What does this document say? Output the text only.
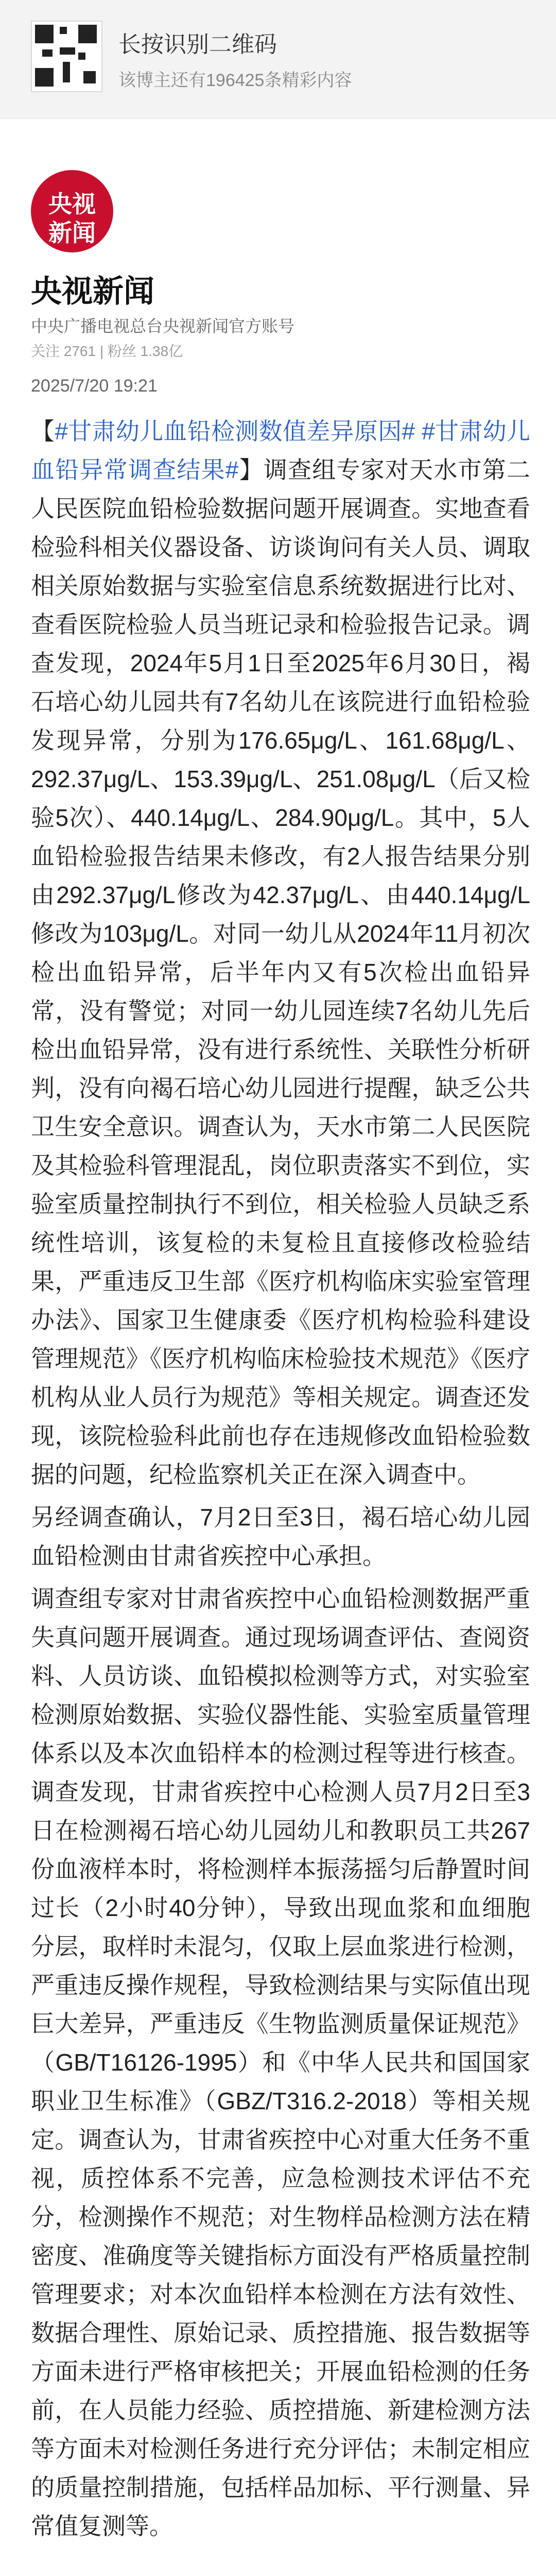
长按识别二维码
该博主还有196425条精彩内容
央视
新闻
央视新闻
中央广播电视总台央视新闻官方账号
关注 2761 | 粉丝 1.38亿
2025/7/20 19:21

【#甘肃幼儿血铅检测数值差异原因# #甘肃幼儿血铅异常调查结果#】调查组专家对天水市第二人民医院血铅检验数据问题开展调查。实地查看检验科相关仪器设备、访谈询问有关人员、调取相关原始数据与实验室信息系统数据进行比对、查看医院检验人员当班记录和检验报告记录。调查发现，2024年5月1日至2025年6月30日，褐石培心幼儿园共有7名幼儿在该院进行血铅检验发现异常，分别为176.65μg/L、161.68μg/L、292.37μg/L、153.39μg/L、251.08μg/L（后又检验5次）、440.14μg/L、284.90μg/L。其中，5人血铅检验报告结果未修改，有2人报告结果分别由292.37μg/L修改为42.37μg/L、由440.14μg/L修改为103μg/L。对同一幼儿从2024年11月初次检出血铅异常，后半年内又有5次检出血铅异常，没有警觉；对同一幼儿园连续7名幼儿先后检出血铅异常，没有进行系统性、关联性分析研判，没有向褐石培心幼儿园进行提醒，缺乏公共卫生安全意识。调查认为，天水市第二人民医院及其检验科管理混乱，岗位职责落实不到位，实验室质量控制执行不到位，相关检验人员缺乏系统性培训，该复检的未复检且直接修改检验结果，严重违反卫生部《医疗机构临床实验室管理办法》、国家卫生健康委《医疗机构检验科建设管理规范》《医疗机构临床检验技术规范》《医疗机构从业人员行为规范》等相关规定。调查还发现，该院检验科此前也存在违规修改血铅检验数据的问题，纪检监察机关正在深入调查中。

另经调查确认，7月2日至3日，褐石培心幼儿园血铅检测由甘肃省疾控中心承担。

调查组专家对甘肃省疾控中心血铅检测数据严重失真问题开展调查。通过现场调查评估、查阅资料、人员访谈、血铅模拟检测等方式，对实验室检测原始数据、实验仪器性能、实验室质量管理体系以及本次血铅样本的检测过程等进行核查。调查发现，甘肃省疾控中心检测人员7月2日至3日在检测褐石培心幼儿园幼儿和教职员工共267份血液样本时，将检测样本振荡摇匀后静置时间过长（2小时40分钟），导致出现血浆和血细胞分层，取样时未混匀，仅取上层血浆进行检测，严重违反操作规程，导致检测结果与实际值出现巨大差异，严重违反《生物监测质量保证规范》（GB/T16126-1995）和《中华人民共和国国家职业卫生标准》（GBZ/T316.2-2018）等相关规定。调查认为，甘肃省疾控中心对重大任务不重视，质控体系不完善，应急检测技术评估不充分，检测操作不规范；对生物样品检测方法在精密度、准确度等关键指标方面没有严格质量控制管理要求；对本次血铅样本检测在方法有效性、数据合理性、原始记录、质控措施、报告数据等方面未进行严格审核把关；开展血铅检测的任务前，在人员能力经验、质控措施、新建检测方法等方面未对检测任务进行充分评估；未制定相应的质量控制措施，包括样品加标、平行测量、异常值复测等。
